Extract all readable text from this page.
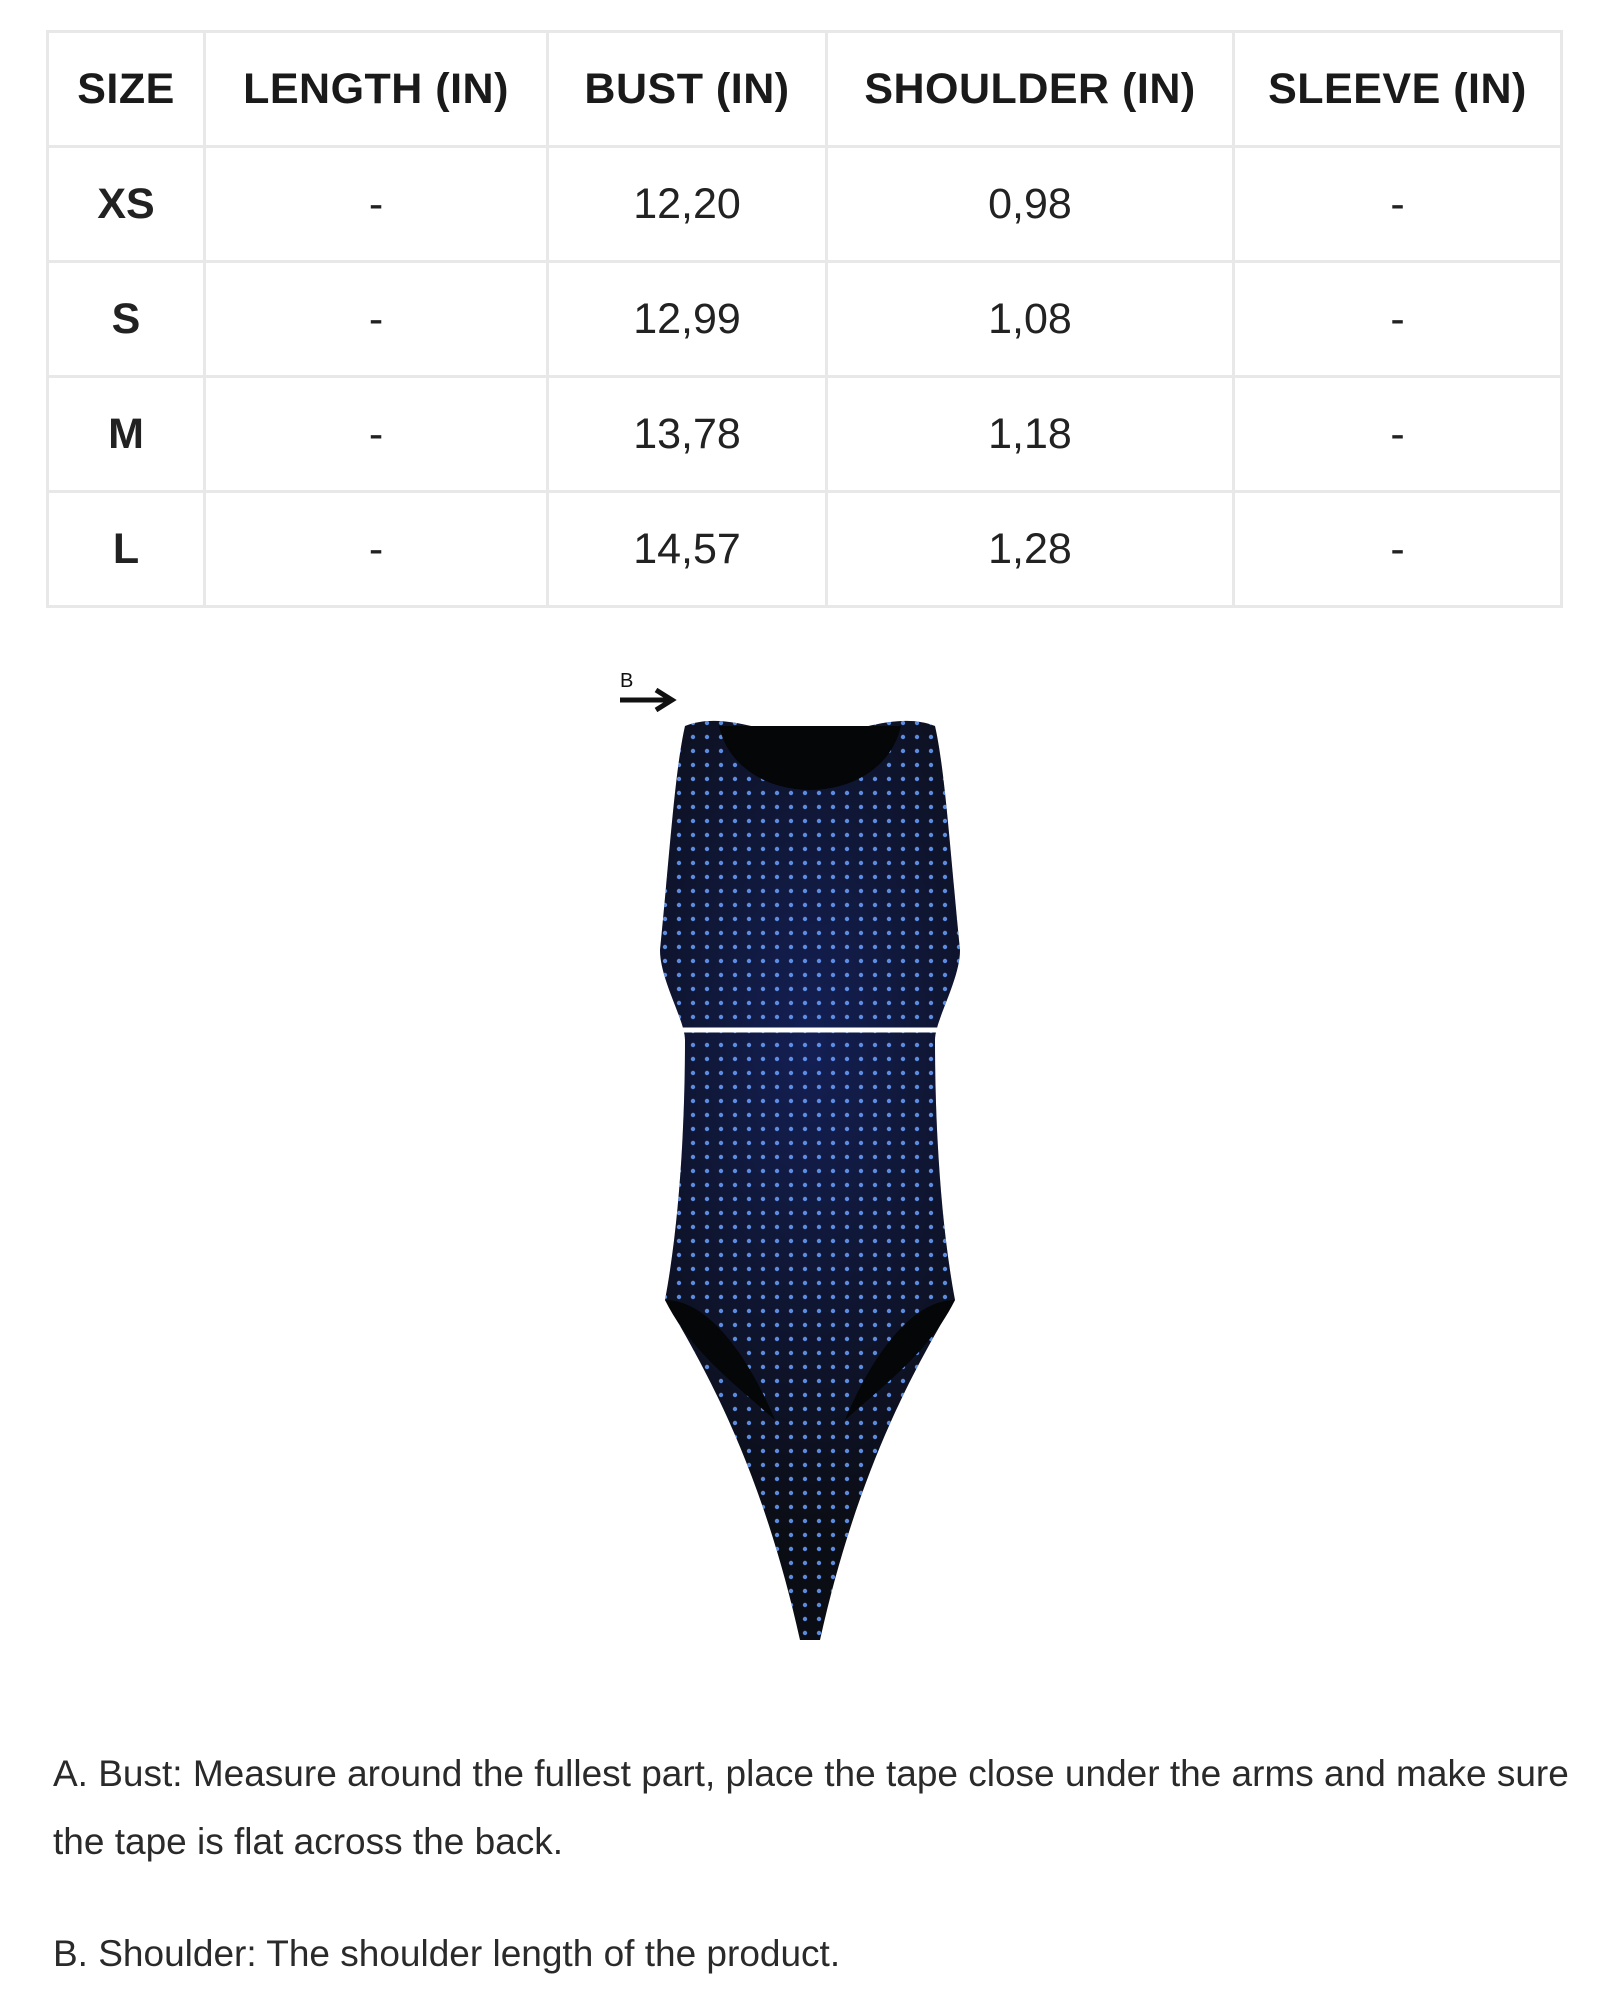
SIZE	LENGTH (IN)	BUST (IN)	SHOULDER (IN)	SLEEVE (IN)
XS	-	12,20	0,98	-
S	-	12,99	1,08	-
M	-	13,78	1,18	-
L	-	14,57	1,28	-
B
A
A. Bust: Measure around the fullest part, place the tape close under the arms and make sure the tape is flat across the back.
B. Shoulder: The shoulder length of the product.
